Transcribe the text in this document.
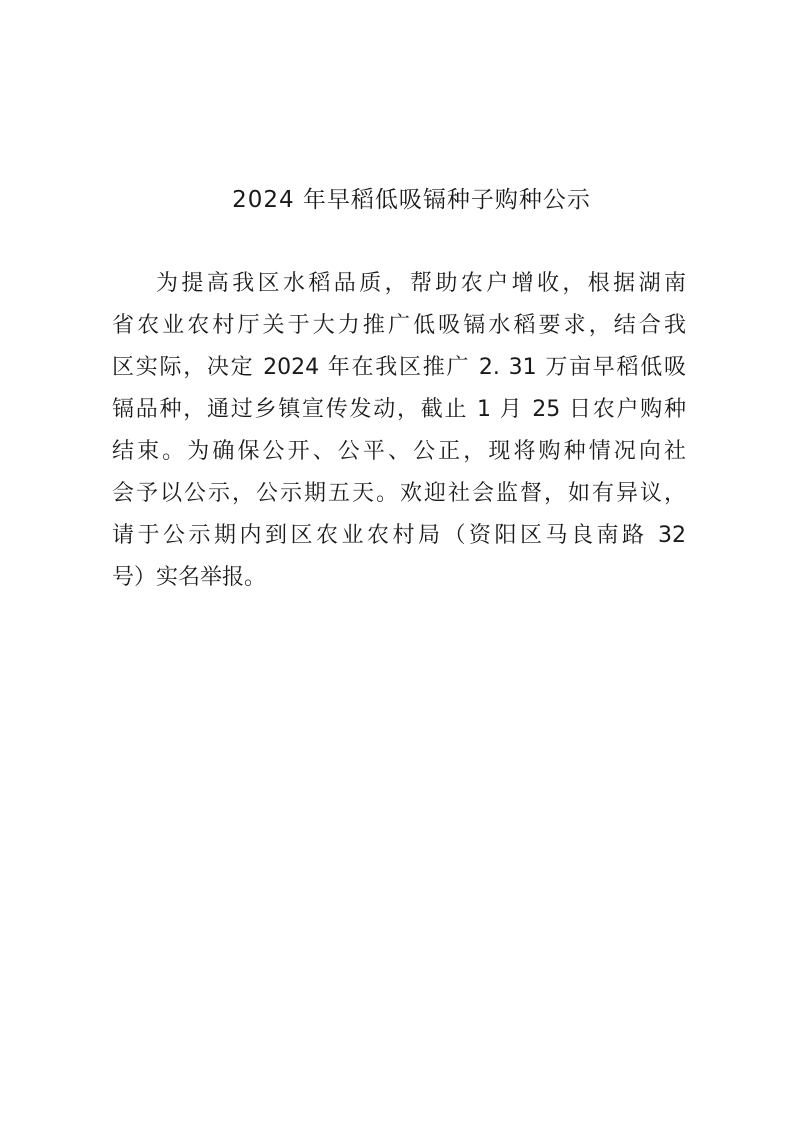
2024 年早稻低吸镉种子购种公示
为提高我区水稻品质，帮助农户增收，根据湖南
省农业农村厅关于大力推广低吸镉水稻要求，结合我
区实际，决定 2024 年在我区推广 2. 31 万亩早稻低吸
镉品种，通过乡镇宣传发动，截止 1 月 25 日农户购种
结束。为确保公开、公平、公正，现将购种情况向社
会予以公示，公示期五天。欢迎社会监督，如有异议，
请于公示期内到区农业农村局（资阳区马良南路 32
号）实名举报。
